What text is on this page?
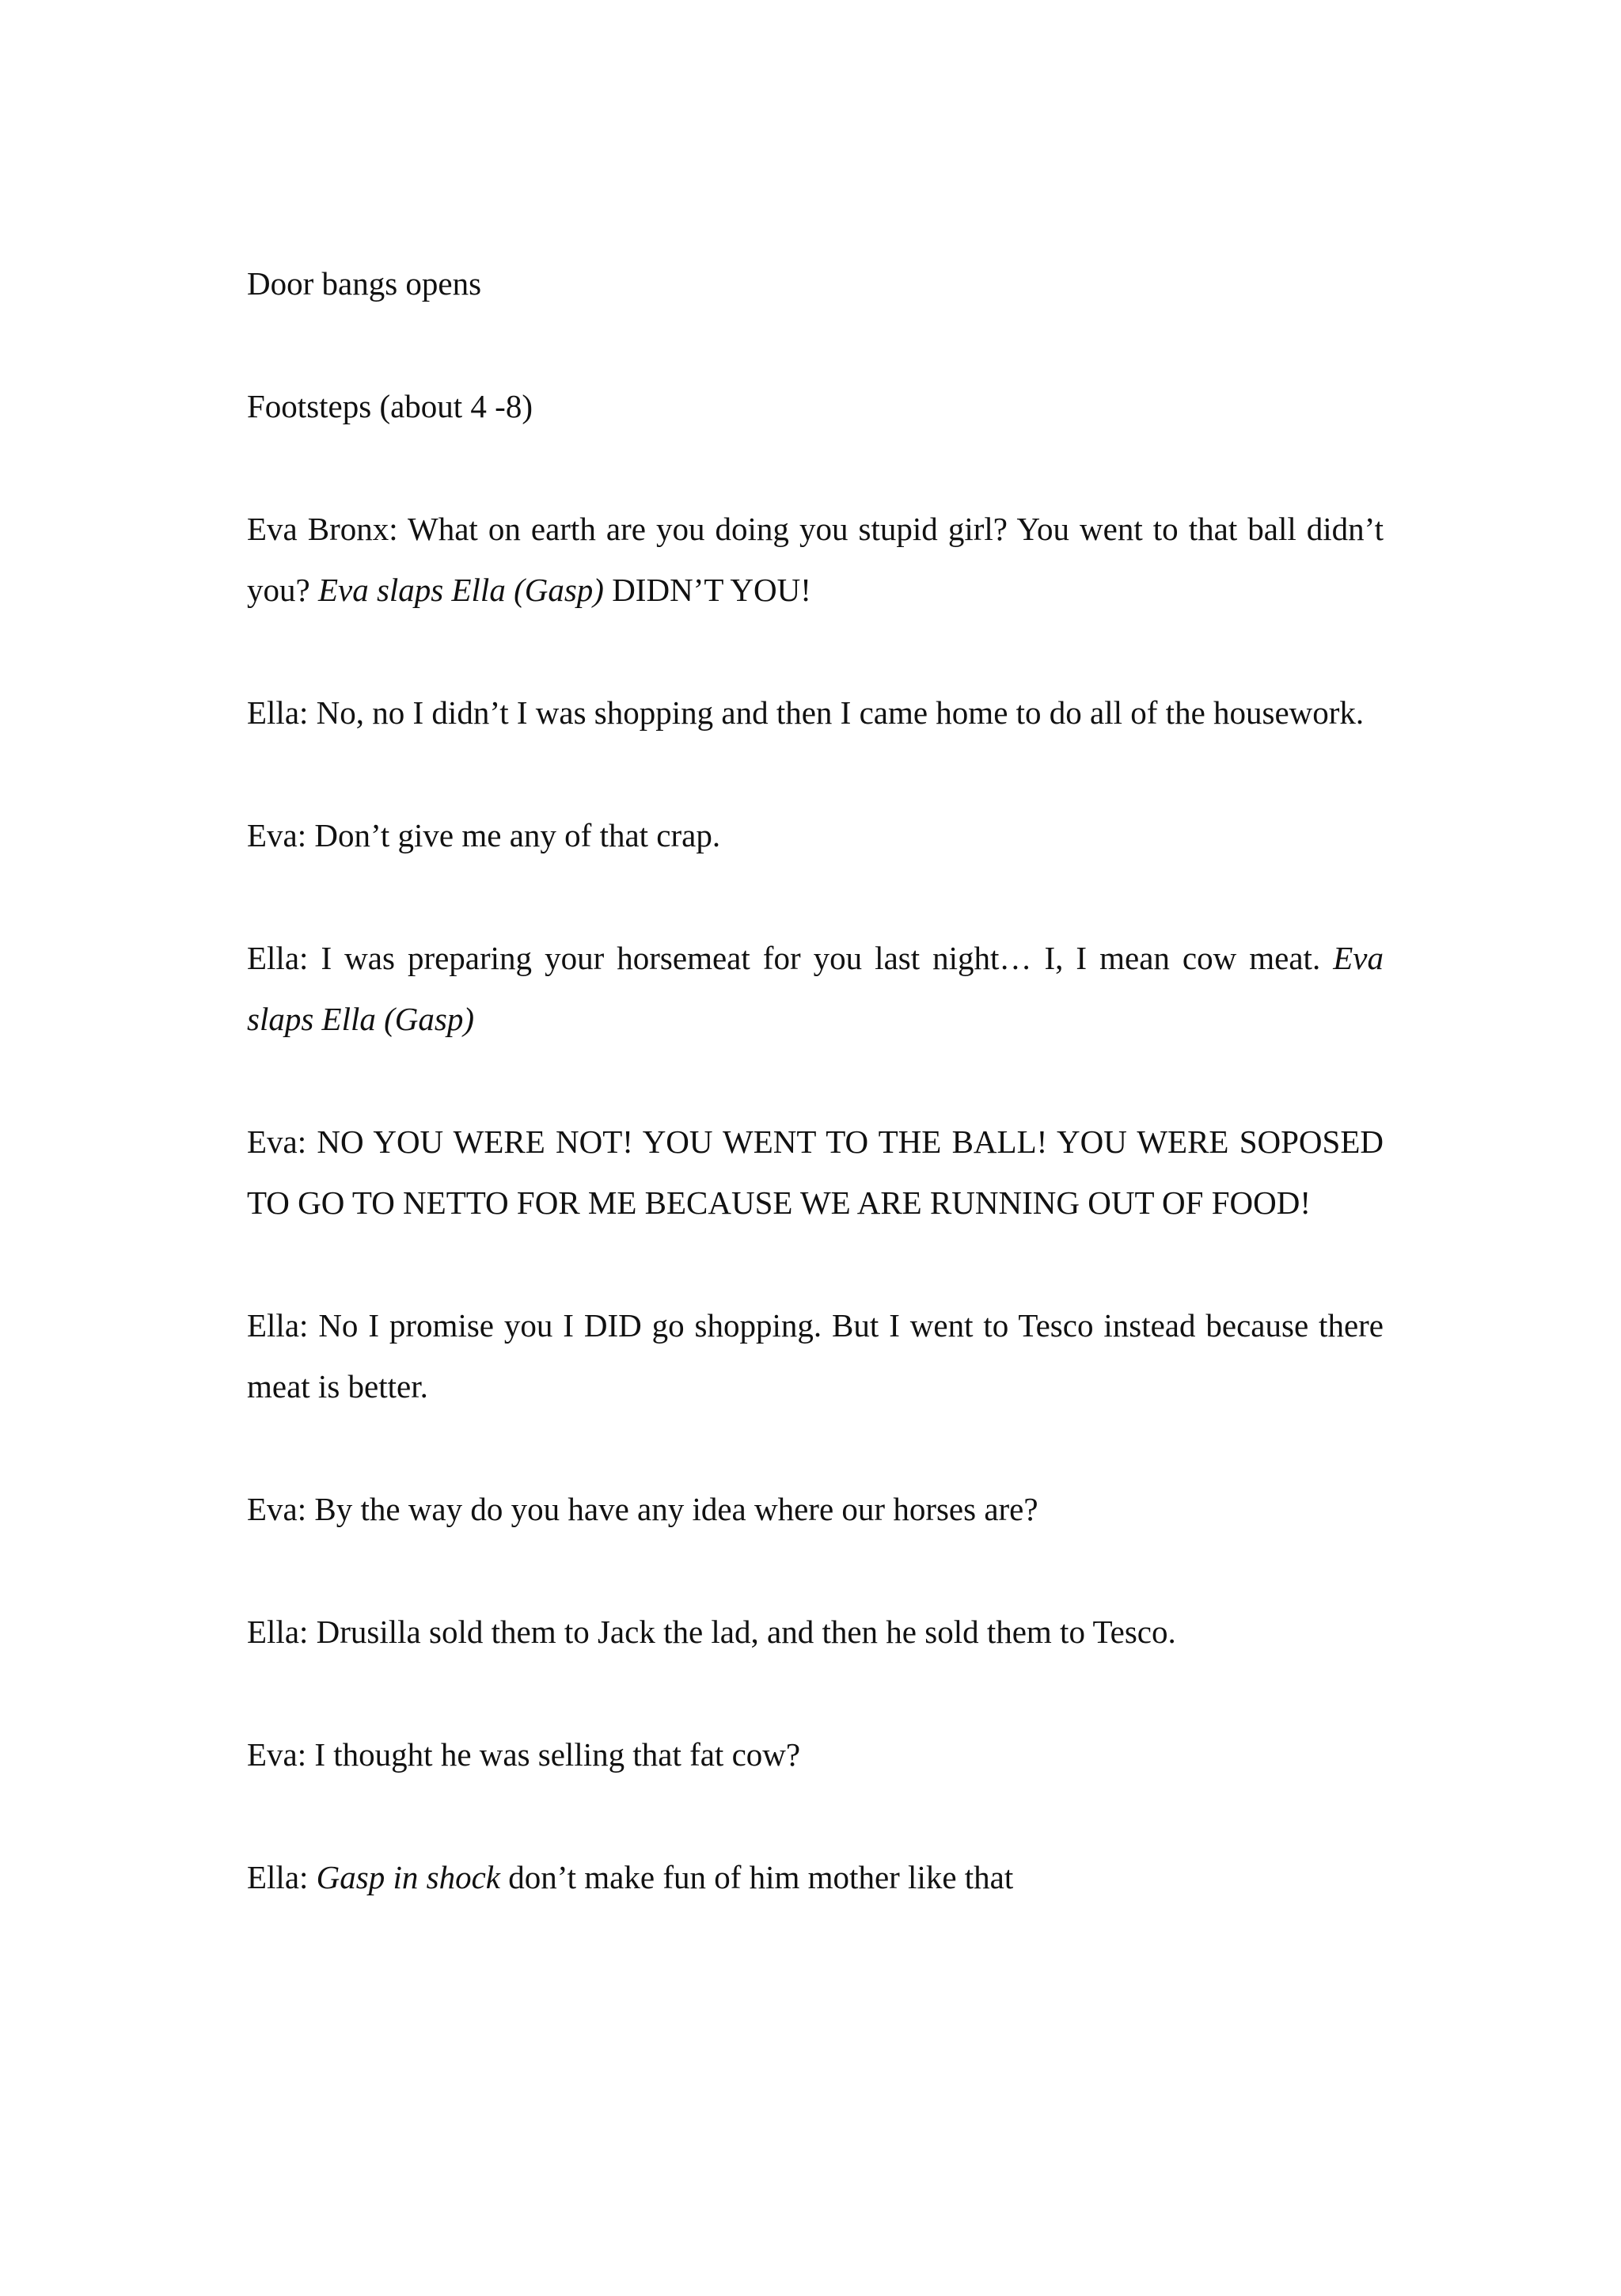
Door bangs opens

Footsteps (about 4 -8)

Eva Bronx: What on earth are you doing you stupid girl? You went to that ball didn’t you? Eva slaps Ella (Gasp) DIDN’T YOU!

Ella: No, no I didn’t I was shopping and then I came home to do all of the housework.

Eva: Don’t give me any of that crap.

Ella: I was preparing your horsemeat for you last night… I, I mean cow meat. Eva slaps Ella (Gasp)

Eva: NO YOU WERE NOT! YOU WENT TO THE BALL! YOU WERE SOPOSED TO GO TO NETTO FOR ME BECAUSE WE ARE RUNNING OUT OF FOOD!

Ella: No I promise you I DID go shopping. But I went to Tesco instead because there meat is better.

Eva: By the way do you have any idea where our horses are?

Ella: Drusilla sold them to Jack the lad, and then he sold them to Tesco.

Eva: I thought he was selling that fat cow?

Ella: Gasp in shock don’t make fun of him mother like that
